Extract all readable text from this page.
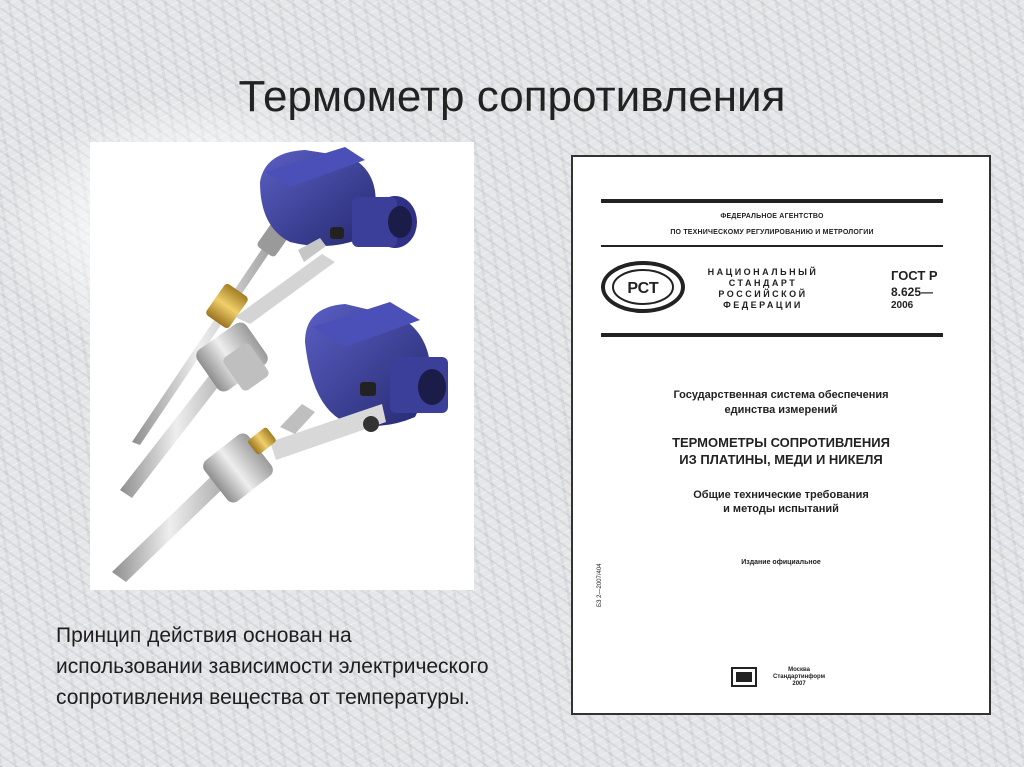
Термометр сопротивления
Принцип действия основан на
использовании зависимости электрического
сопротивления вещества от температуры.
ФЕДЕРАЛЬНОЕ АГЕНТСТВО
ПО ТЕХНИЧЕСКОМУ РЕГУЛИРОВАНИЮ И МЕТРОЛОГИИ
РСТ
НАЦИОНАЛЬНЫЙ
СТАНДАРТ
РОССИЙСКОЙ
ФЕДЕРАЦИИ
ГОСТ Р
8.625—
2006
Государственная система обеспечения
единства измерений
ТЕРМОМЕТРЫ СОПРОТИВЛЕНИЯ
ИЗ ПЛАТИНЫ, МЕДИ И НИКЕЛЯ
Общие технические требования
и методы испытаний
Издание официальное
БЗ 2—2007/404
Москва
Стандартинформ
2007
